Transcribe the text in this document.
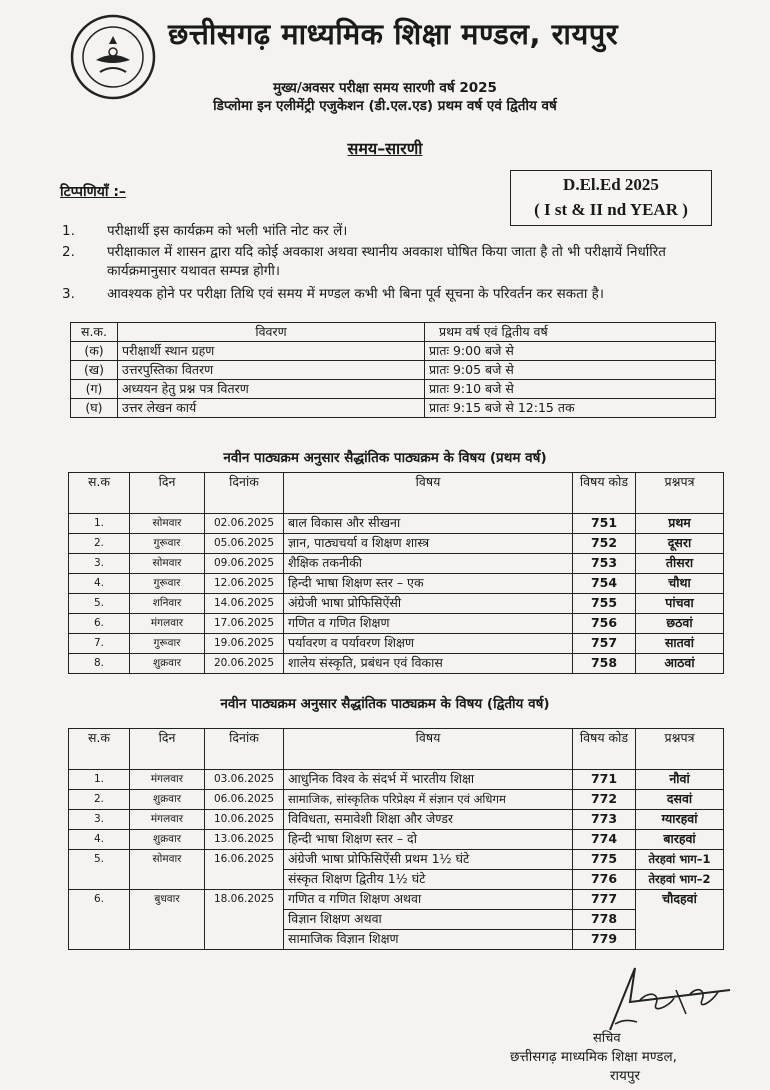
छत्तीसगढ़ माध्यमिक शिक्षा मण्डल, रायपुर
मुख्य/अवसर परीक्षा समय सारणी वर्ष 2025
डिप्लोमा इन एलीमेंट्री एजुकेशन (डी.एल.एड) प्रथम वर्ष एवं द्वितीय वर्ष
समय–सारणी
टिप्पणियाँ :–	D.El.Ed 2025
( I st & II nd YEAR )
1. परीक्षार्थी इस कार्यक्रम को भली भांति नोट कर लें।
2. परीक्षाकाल में शासन द्वारा यदि कोई अवकाश अथवा स्थानीय अवकाश घोषित किया जाता है तो भी परीक्षायें निर्धारित कार्यक्रमानुसार यथावत सम्पन्न होगी।
3. आवश्यक होने पर परीक्षा तिथि एवं समय में मण्डल कभी भी बिना पूर्व सूचना के परिवर्तन कर सकता है।
स.क.	विवरण	प्रथम वर्ष एवं द्वितीय वर्ष
(क)	परीक्षार्थी स्थान ग्रहण	प्रातः 9:00 बजे से
(ख)	उत्तरपुस्तिका वितरण	प्रातः 9:05 बजे से
(ग)	अध्ययन हेतु प्रश्न पत्र वितरण	प्रातः 9:10 बजे से
(घ)	उत्तर लेखन कार्य	प्रातः 9:15 बजे से 12:15 तक
नवीन पाठ्यक्रम अनुसार सैद्धांतिक पाठ्यक्रम के विषय (प्रथम वर्ष)
स.क	दिन	दिनांक	विषय	विषय कोड	प्रश्नपत्र
1.	सोमवार	02.06.2025	बाल विकास और सीखना	751	प्रथम
2.	गुरूवार	05.06.2025	ज्ञान, पाठ्यचर्या व शिक्षण शास्त्र	752	दूसरा
3.	सोमवार	09.06.2025	शैक्षिक तकनीकी	753	तीसरा
4.	गुरूवार	12.06.2025	हिन्दी भाषा शिक्षण स्तर – एक	754	चौथा
5.	शनिवार	14.06.2025	अंग्रेजी भाषा प्रोफिसिऐंसी	755	पांचवा
6.	मंगलवार	17.06.2025	गणित व गणित शिक्षण	756	छठवां
7.	गुरूवार	19.06.2025	पर्यावरण व पर्यावरण शिक्षण	757	सातवां
8.	शुक्रवार	20.06.2025	शालेय संस्कृति, प्रबंधन एवं विकास	758	आठवां
नवीन पाठ्यक्रम अनुसार सैद्धांतिक पाठ्यक्रम के विषय (द्वितीय वर्ष)
स.क	दिन	दिनांक	विषय	विषय कोड	प्रश्नपत्र
1.	मंगलवार	03.06.2025	आधुनिक विश्व के संदर्भ में भारतीय शिक्षा	771	नौवां
2.	शुक्रवार	06.06.2025	सामाजिक, सांस्कृतिक परिप्रेक्ष्य में संज्ञान एवं अधिगम	772	दसवां
3.	मंगलवार	10.06.2025	विविधता, समावेशी शिक्षा और जेण्डर	773	ग्यारहवां
4.	शुक्रवार	13.06.2025	हिन्दी भाषा शिक्षण स्तर – दो	774	बारहवां
5.	सोमवार	16.06.2025	अंग्रेजी भाषा प्रोफिसिऐंसी प्रथम 1½ घंटे	775	तेरहवां भाग–1
			संस्कृत शिक्षण द्वितीय 1½ घंटे	776	तेरहवां भाग–2
6.	बुधवार	18.06.2025	गणित व गणित शिक्षण अथवा	777	चौदहवां
			विज्ञान शिक्षण अथवा	778	
			सामाजिक विज्ञान शिक्षण	779	
सचिव
छत्तीसगढ़ माध्यमिक शिक्षा मण्डल,
रायपुर
